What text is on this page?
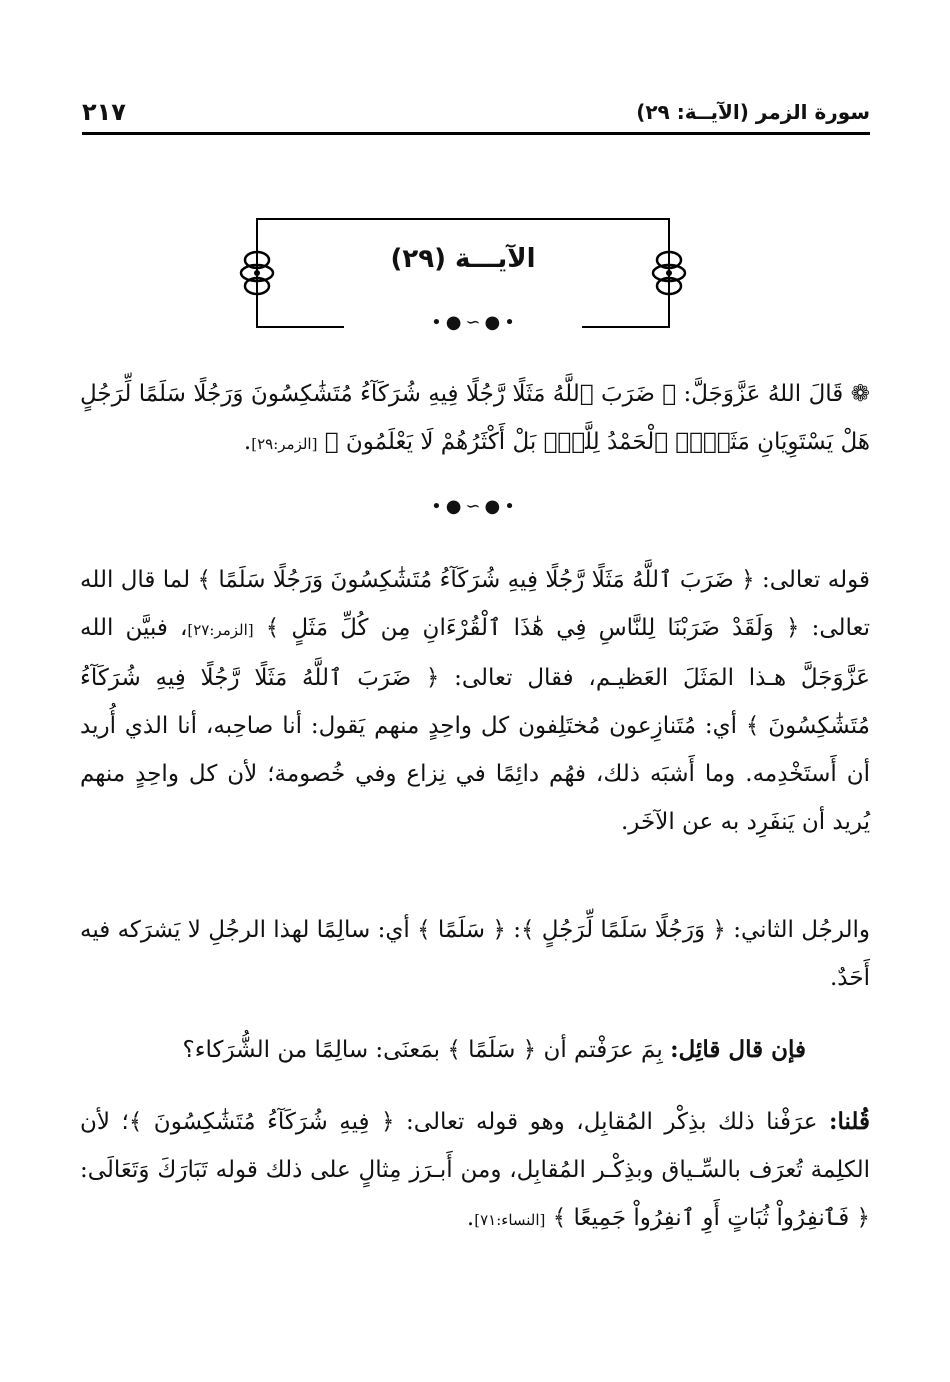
٢١٧	سورة الزمر (الآيــة: ٢٩)
الآيـــة (٢٩)
•●∽●•
❁ قَالَ اللهُ عَزَّوَجَلَّ: ﴿ ضَرَبَ ٱللَّهُ مَثَلًا رَّجُلًا فِيهِ شُرَكَآءُ مُتَشَٰكِسُونَ وَرَجُلًا سَلَمًا لِّرَجُلٍ هَلْ يَسْتَوِيَانِ مَثَلًاۚ ٱلْحَمْدُ لِلَّهِۚ بَلْ أَكْثَرُهُمْ لَا يَعْلَمُونَ ﴾ [الزمر:٢٩].
•●∽●•
قوله تعالى: ﴿ ضَرَبَ ٱللَّهُ مَثَلًا رَّجُلًا فِيهِ شُرَكَآءُ مُتَشَٰكِسُونَ وَرَجُلًا سَلَمًا ﴾ لما قال الله تعالى: ﴿ وَلَقَدْ ضَرَبْنَا لِلنَّاسِ فِي هَٰذَا ٱلْقُرْءَانِ مِن كُلِّ مَثَلٍ ﴾ [الزمر:٢٧]، فبيَّن الله عَزَّوَجَلَّ هـذا المَثَلَ العَظيـم، فقال تعالى: ﴿ ضَرَبَ ٱللَّهُ مَثَلًا رَّجُلًا فِيهِ شُرَكَآءُ مُتَشَٰكِسُونَ ﴾ أي: مُتَنازِعون مُختَلِفون كل واحِدٍ منهم يَقول: أنا صاحِبه، أنا الذي أُريد أن أَستَخْدِمه. وما أَشبَه ذلك، فهُم دائِمًا في نِزاع وفي خُصومة؛ لأن كل واحِدٍ منهم يُريد أن يَنفَرِد به عن الآخَر.
والرجُل الثاني: ﴿ وَرَجُلًا سَلَمًا لِّرَجُلٍ ﴾: ﴿ سَلَمًا ﴾ أي: سالِمًا لهذا الرجُلِ لا يَشرَكه فيه أَحَدٌ.
فإن قال قائِل: بِمَ عرَفْتم أن ﴿ سَلَمًا ﴾ بمَعنَى: سالِمًا من الشُّرَكاء؟
قُلنا: عرَفْنا ذلك بذِكْر المُقابِل، وهو قوله تعالى: ﴿ فِيهِ شُرَكَآءُ مُتَشَٰكِسُونَ ﴾؛ لأن الكلِمة تُعرَف بالسِّـياق وبذِكْـر المُقابِل، ومن أَبـرَز مِثالٍ على ذلك قوله تَبَارَكَ وَتَعَالَى: ﴿ فَٱنفِرُواْ ثُبَاتٍ أَوِ ٱنفِرُواْ جَمِيعًا ﴾ [النساء:٧١].
